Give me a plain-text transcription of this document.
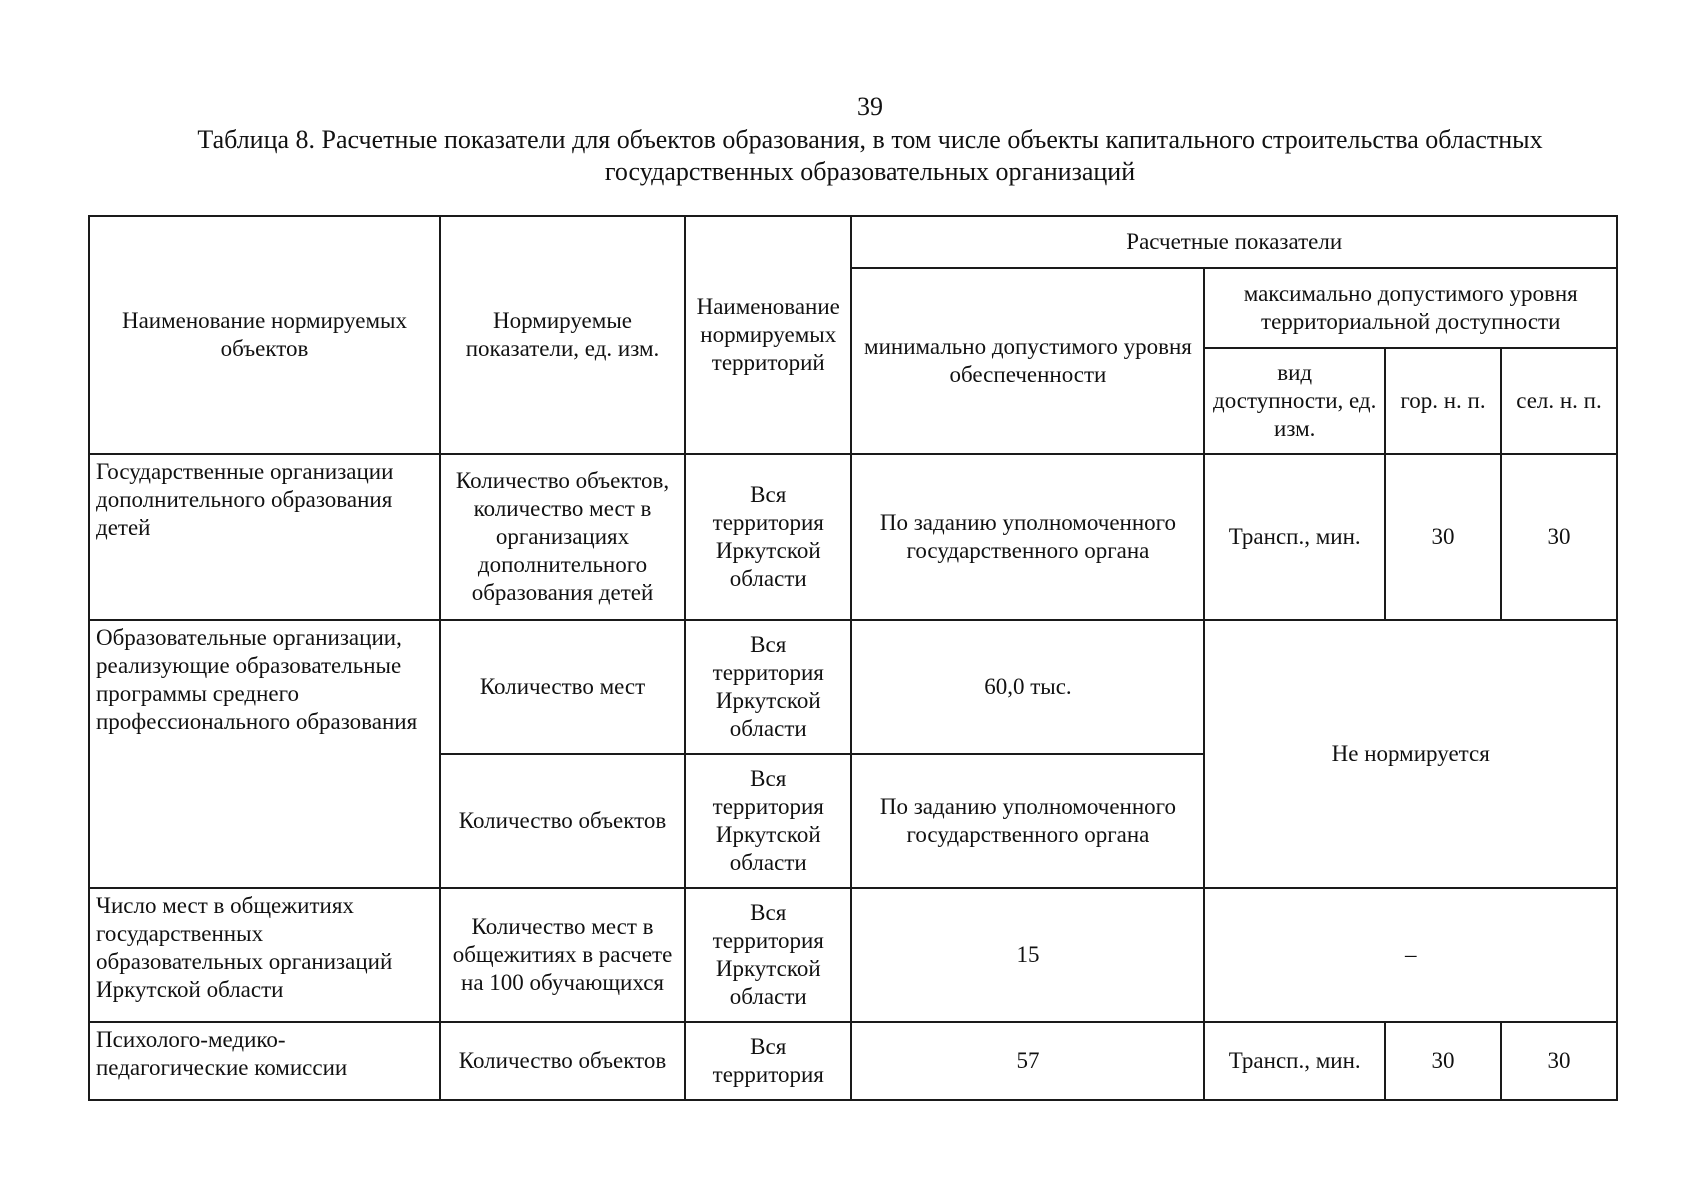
39
Таблица 8. Расчетные показатели для объектов образования, в том числе объекты капитального строительства областных
государственных образовательных организаций
Наименование нормируемых объектов	Нормируемые показатели, ед. изм.	Наименование нормируемых территорий	Расчетные показатели			
			минимально допустимого уровня обеспеченности	максимально допустимого уровня территориальной доступности		
				вид доступности, ед. изм.	гор. н. п.	сел. н. п.
Государственные организации дополнительного образования детей	Количество объектов, количество мест в организациях дополнительного образования детей	Вся территория Иркутской области	По заданию уполномоченного государственного органа	Трансп., мин.	30	30
Образовательные организации, реализующие образовательные программы среднего профессионального образования	Количество мест	Вся территория Иркутской области	60,0 тыс.	Не нормируется		
	Количество объектов	Вся территория Иркутской области	По заданию уполномоченного государственного органа			
Число мест в общежитиях государственных образовательных организаций Иркутской области	Количество мест в общежитиях в расчете на 100 обучающихся	Вся территория Иркутской области	15	–		
Психолого-медико-педагогические комиссии	Количество объектов	Вся территория	57	Трансп., мин.	30	30
